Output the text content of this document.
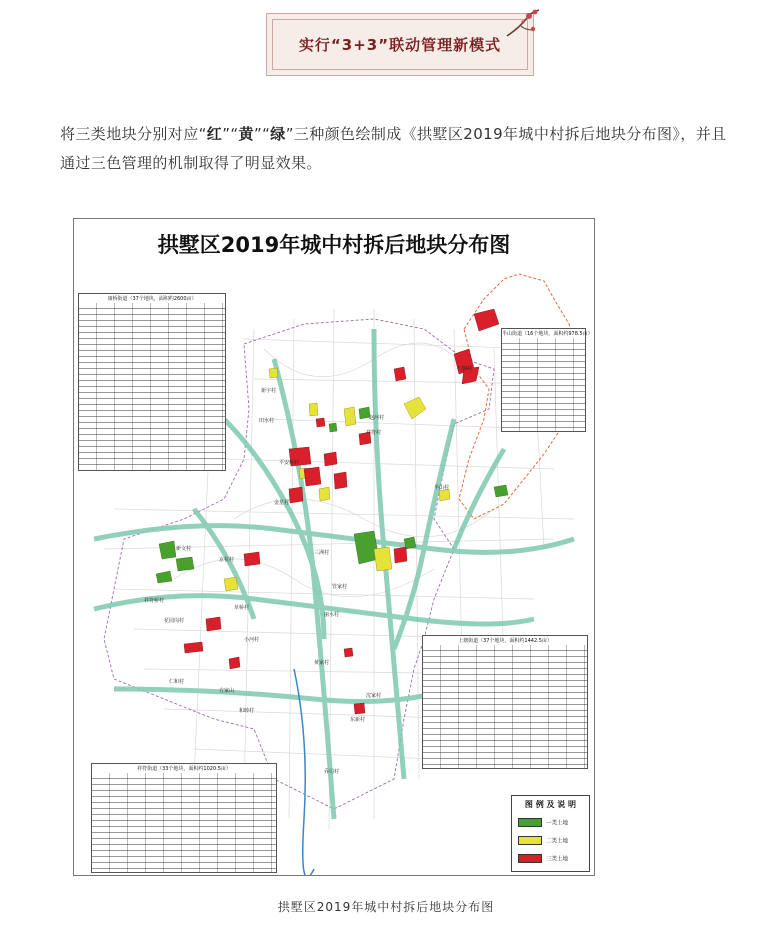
实行“3+3”联动管理新模式
将三类地块分别对应“红”“黄”“绿”三种颜色绘制成《拱墅区2019年城中村拆后地块分布图》，并且通过三色管理的机制取得了明显效果。
拱墅区2019年城中村拆后地块分布图
康桥街道（37个地块，面积约2600亩）
半山街道（16个地块，面积约978.5亩）
上塘街道（37个地块，面积约1442.5亩）
祥符街道（33个地块，面积约1020.5亩）
石塘村
半山村
新宇村
田水村
平安桥村
金星村
祥符村
赵河村
京杭村
新文村
三洲村
花园岗村
祥符桥村
管家村
方家山
和睦村
东新村
乔司村
小河村
仁和村
黄家村
沈家村
草桥村
丽水村
图 例 及 说 明
一类土地
二类土地
三类土地
拱墅区2019年城中村拆后地块分布图
